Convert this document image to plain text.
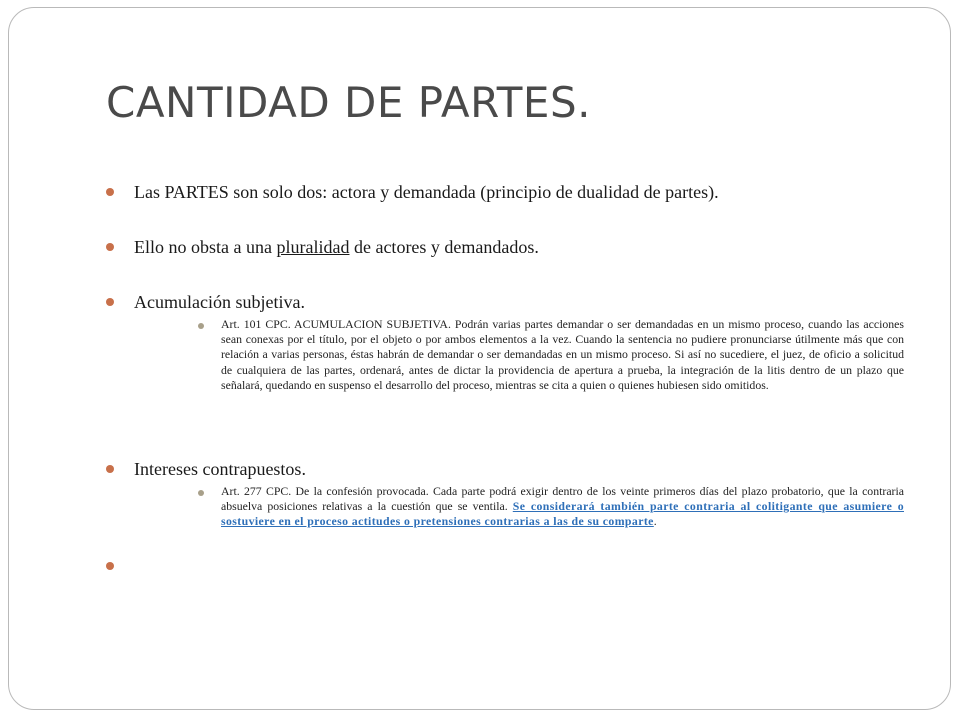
CANTIDAD DE PARTES.
Las PARTES son solo dos: actora y demandada (principio de dualidad de partes).
Ello no obsta a una pluralidad de actores y demandados.
Acumulación subjetiva.
Art. 101 CPC. ACUMULACION SUBJETIVA. Podrán varias partes demandar o ser demandadas en un mismo proceso, cuando las acciones sean conexas por el título, por el objeto o por ambos elementos a la vez. Cuando la sentencia no pudiere pronunciarse útilmente más que con relación a varias personas, éstas habrán de demandar o ser demandadas en un mismo proceso. Si así no sucediere, el juez, de oficio a solicitud de cualquiera de las partes, ordenará, antes de dictar la providencia de apertura a prueba, la integración de la litis dentro de un plazo que señalará, quedando en suspenso el desarrollo del proceso, mientras se cita a quien o quienes hubiesen sido omitidos.
Intereses contrapuestos.
Art. 277 CPC. De la confesión provocada. Cada parte podrá exigir dentro de los veinte primeros días del plazo probatorio, que la contraria absuelva posiciones relativas a la cuestión que se ventila. Se considerará también parte contraria al colitigante que asumiere o sostuviere en el proceso actitudes o pretensiones contrarias a las de su comparte.
